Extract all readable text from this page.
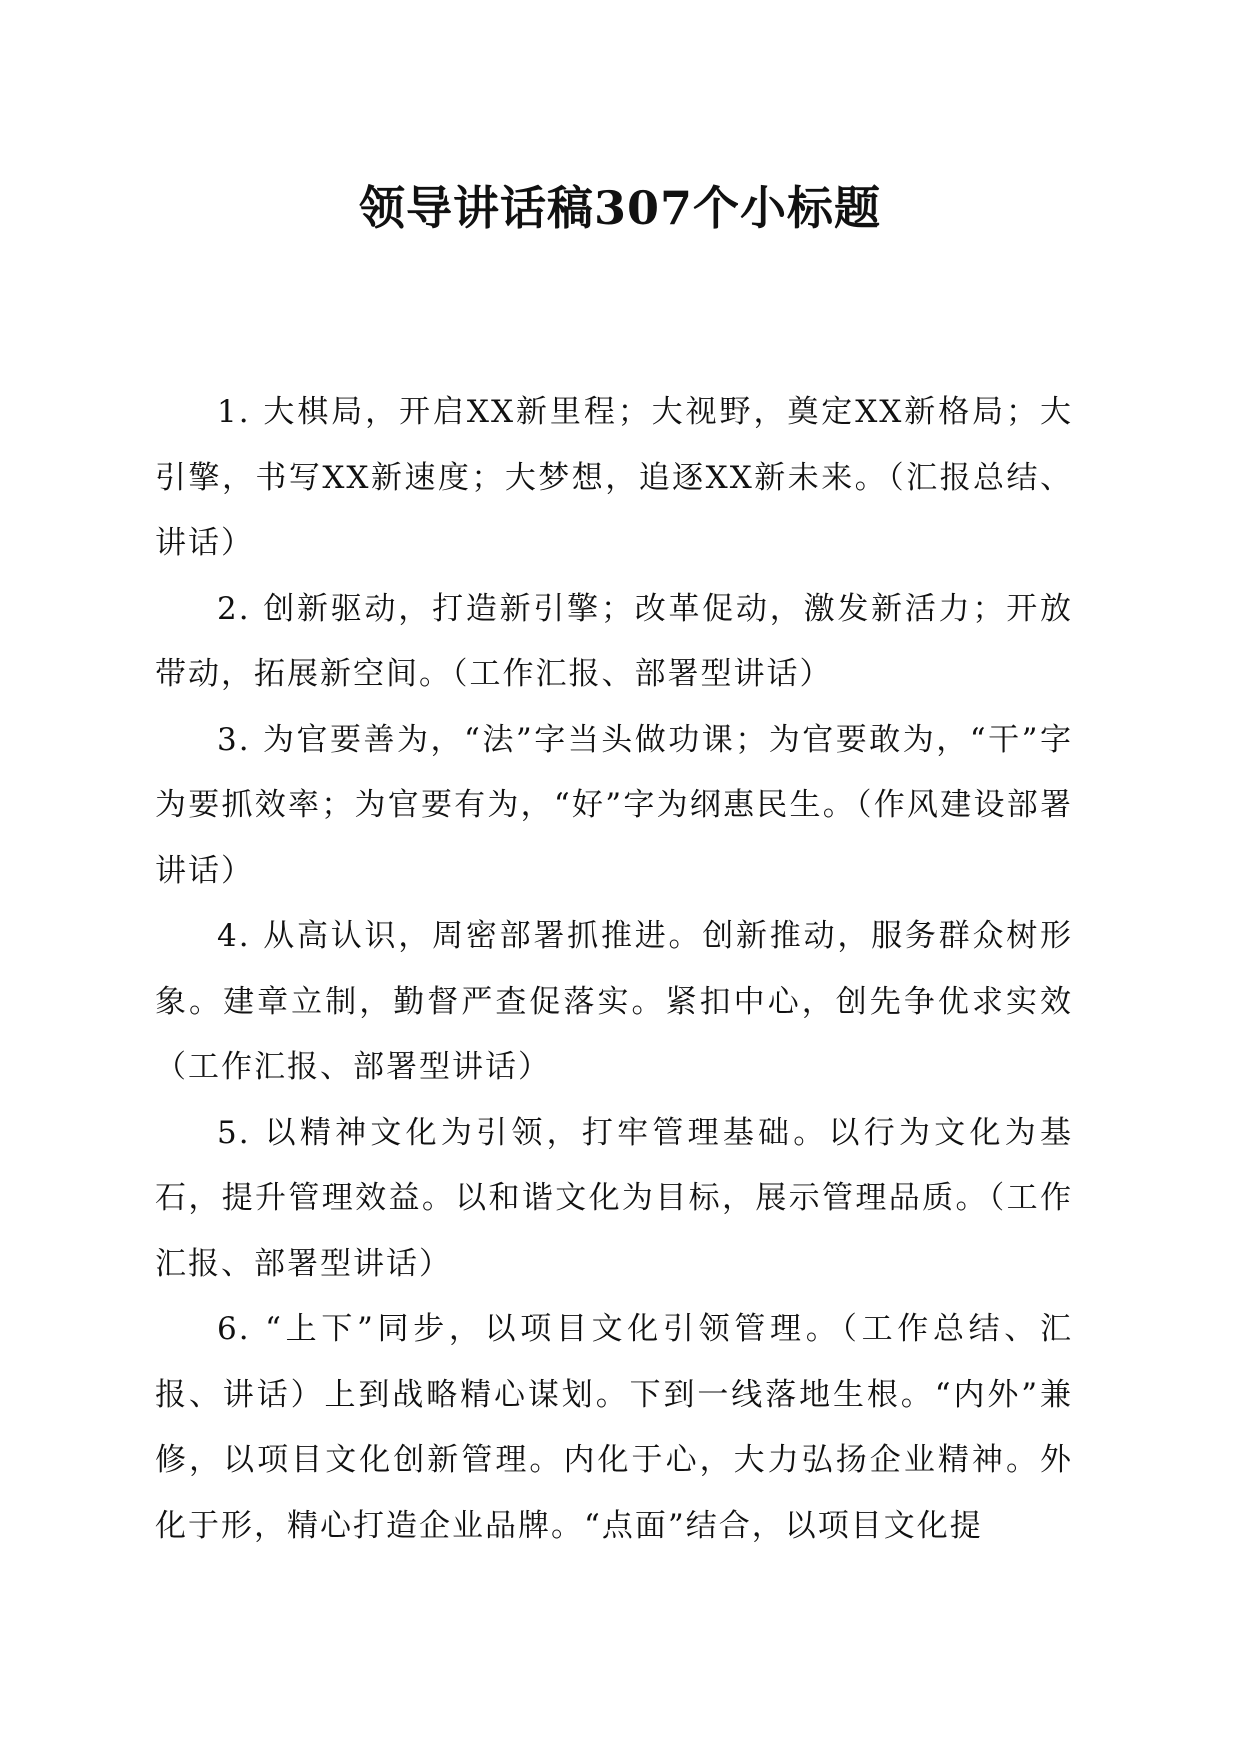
领导讲话稿307个小标题

1. 大棋局，开启XX新里程；大视野，奠定XX新格局；大引擎，书写XX新速度；大梦想，追逐XX新未来。（汇报总结、讲话）

2. 创新驱动，打造新引擎；改革促动，激发新活力；开放带动，拓展新空间。（工作汇报、部署型讲话）

3. 为官要善为，“法”字当头做功课；为官要敢为，“干”字为要抓效率；为官要有为，“好”字为纲惠民生。（作风建设部署讲话）

4. 从高认识，周密部署抓推进。创新推动，服务群众树形象。建章立制，勤督严查促落实。紧扣中心，创先争优求实效（工作汇报、部署型讲话）

5. 以精神文化为引领，打牢管理基础。以行为文化为基石，提升管理效益。以和谐文化为目标，展示管理品质。（工作汇报、部署型讲话）

6. “上下”同步，以项目文化引领管理。（工作总结、汇报、讲话）上到战略精心谋划。下到一线落地生根。“内外”兼修，以项目文化创新管理。内化于心，大力弘扬企业精神。外化于形，精心打造企业品牌。“点面”结合，以项目文化提
